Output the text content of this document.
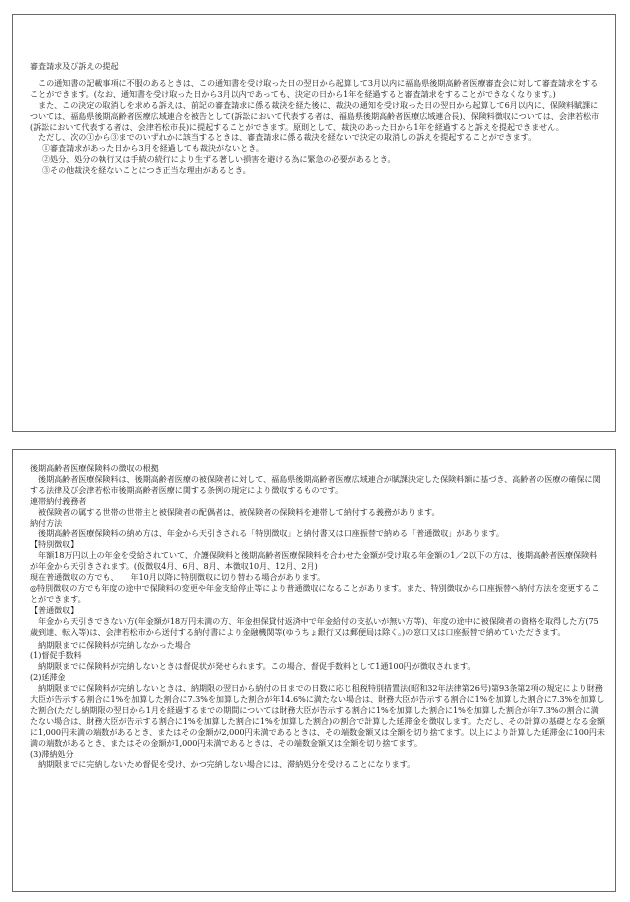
審査請求及び訴えの提起

　この通知書の記載事項に不服のあるときは、この通知書を受け取った日の翌日から起算して3月以内に福島県後期高齢者医療審査会に対して審査請求をすることができます。(なお、通知書を受け取った日から3月以内であっても、決定の日から1年を経過すると審査請求をすることができなくなります。)

　また、この決定の取消しを求める訴えは、前記の審査請求に係る裁決を経た後に、裁決の通知を受け取った日の翌日から起算して6月以内に、保険料賦課については、福島県後期高齢者医療広域連合を被告として(訴訟において代表する者は、福島県後期高齢者医療広域連合長)、保険料徴収については、会津若松市(訴訟において代表する者は、会津若松市長)に提起することができます。原則として、裁決のあった日から1年を経過すると訴えを提起できません。

　ただし、次の①から③までのいずれかに該当するときは、審査請求に係る裁決を経ないで決定の取消しの訴えを提起することができます。

①審査請求があった日から3月を経過しても裁決がないとき。

②処分、処分の執行又は手続の続行により生ずる著しい損害を避ける為に緊急の必要があるとき。

③その他裁決を経ないことにつき正当な理由があるとき。

後期高齢者医療保険料の徴収の根拠

　後期高齢者医療保険料は、後期高齢者医療の被保険者に対して、福島県後期高齢者医療広域連合が賦課決定した保険料額に基づき、高齢者の医療の確保に関する法律及び会津若松市後期高齢者医療に関する条例の規定により徴収するものです。

連帯納付義務者

　被保険者の属する世帯の世帯主と被保険者の配偶者は、被保険者の保険料を連帯して納付する義務があります。

納付方法

　後期高齢者医療保険料の納め方は、年金から天引きされる「特別徴収」と納付書又は口座振替で納める「普通徴収」があります。

【特別徴収】

　年額18万円以上の年金を受給されていて、介護保険料と後期高齢者医療保険料を合わせた金額が受け取る年金額の1／2以下の方は、後期高齢者医療保険料が年金から天引きされます。(仮徴収4月、6月、8月、本徴収10月、12月、2月)

現在普通徴収の方でも、　　年10月以降に特別徴収に切り替わる場合があります。

◎特別徴収の方でも年度の途中で保険料の変更や年金支給停止等により普通徴収になることがあります。また、特別徴収から口座振替へ納付方法を変更することができます。

【普通徴収】

　年金から天引きできない方(年金額が18万円未満の方、年金担保貸付返済中で年金給付の支払いが無い方等)、年度の途中に被保険者の資格を取得した方(75歳到達、転入等)は、会津若松市から送付する納付書により金融機関等(ゆうちょ銀行又は郵便局は除く。)の窓口又は口座振替で納めていただきます。

　納期限までに保険料が完納しなかった場合

(1)督促手数料

　納期限までに保険料が完納しないときは督促状が発せられます。この場合、督促手数料として1通100円が徴収されます。

(2)延滞金

　納期限までに保険料が完納しないときは、納期限の翌日から納付の日までの日数に応じ租税特別措置法(昭和32年法律第26号)第93条第2項の規定により財務大臣が告示する割合に1%を加算した割合に7.3%を加算した割合が年14.6%に満たない場合は、財務大臣が告示する割合に1%を加算した割合に7.3%を加算した割合(ただし納期限の翌日から1月を経過するまでの期間については財務大臣が告示する割合に1%を加算した割合に1%を加算した割合が年7.3%の割合に満たない場合は、財務大臣が告示する割合に1%を加算した割合に1%を加算した割合)の割合で計算した延滞金を徴収します。ただし、その計算の基礎となる金額に1,000円未満の端数があるとき、またはその金額が2,000円未満であるときは、その端数金額又は全額を切り捨てます。以上により計算した延滞金に100円未満の端数があるとき、またはその金額が1,000円未満であるときは、その端数金額又は全額を切り捨てます。

(3)滞納処分

　納期限までに完納しないため督促を受け、かつ完納しない場合には、滞納処分を受けることになります。
